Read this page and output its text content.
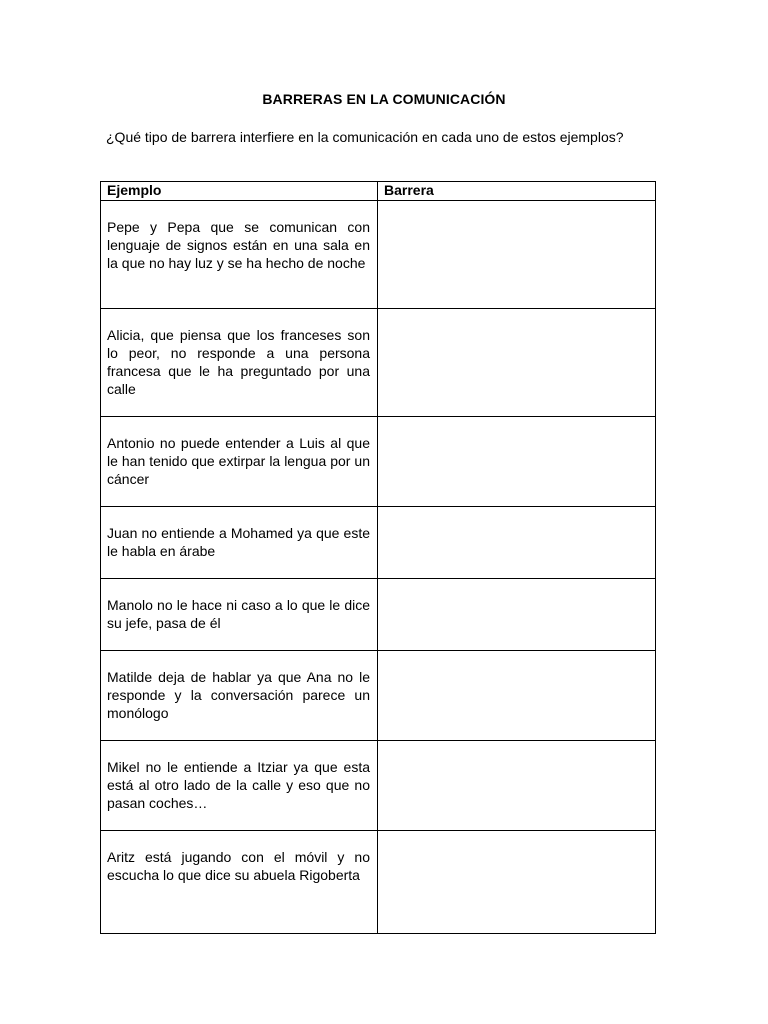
BARRERAS EN LA COMUNICACIÓN
¿Qué tipo de barrera interfiere en la comunicación en cada uno de estos ejemplos?
Ejemplo	Barrera
Pepe y Pepa que se comunican con lenguaje de signos están en una sala en la que no hay luz y se ha hecho de noche	
Alicia, que piensa que los franceses son lo peor, no responde a una persona francesa que le ha preguntado por una calle	
Antonio no puede entender a Luis al que le han tenido que extirpar la lengua por un cáncer	
Juan no entiende a Mohamed ya que este le habla en árabe	
Manolo no le hace ni caso a lo que le dice su jefe, pasa de él	
Matilde deja de hablar ya que Ana no le responde y la conversación parece un monólogo	
Mikel no le entiende a Itziar ya que esta está al otro lado de la calle y eso que no pasan coches…	
Aritz está jugando con el móvil y no escucha lo que dice su abuela Rigoberta	
